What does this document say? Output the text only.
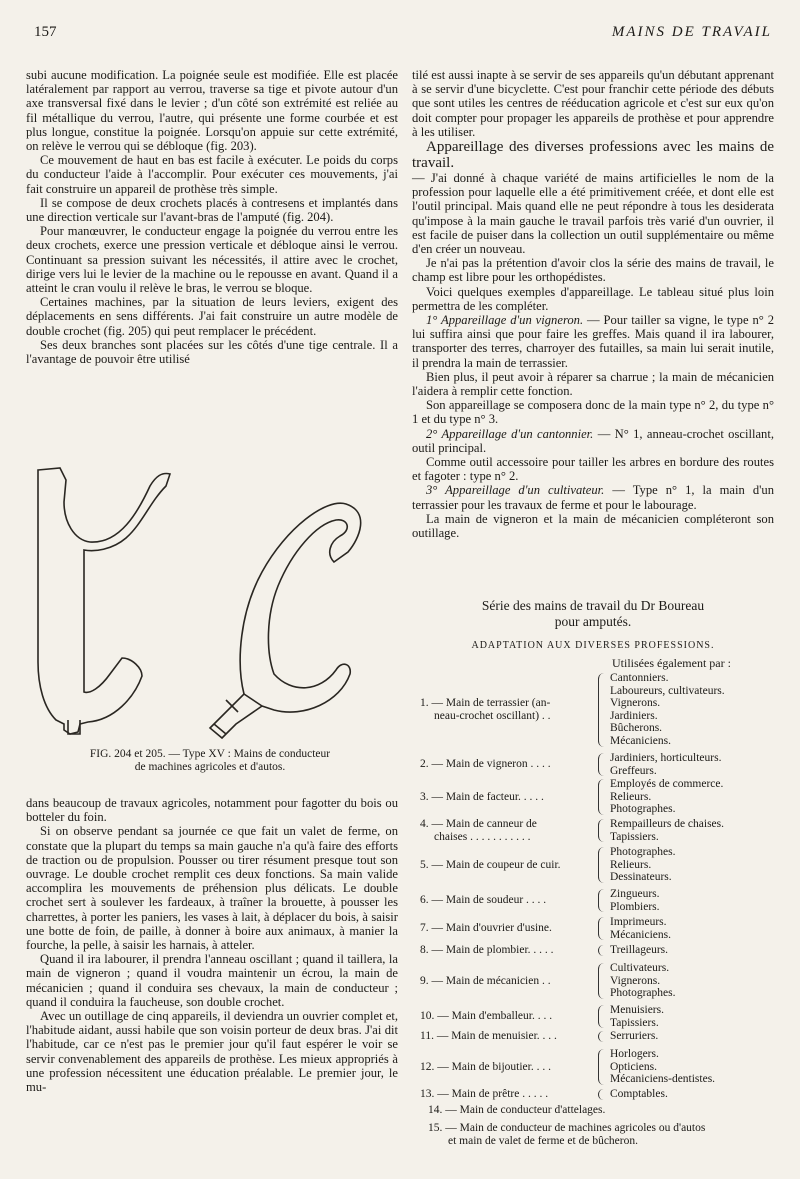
157	MAINS DE TRAVAIL

subi aucune modification. La poignée seule est modifiée. Elle est placée latéralement par rapport au verrou, traverse sa tige et pivote autour d'un axe transversal fixé dans le levier ; d'un côté son extrémité est reliée au fil métallique du verrou, l'autre, qui présente une forme courbée et est plus longue, constitue la poignée. Lorsqu'on appuie sur cette extrémité, on relève le verrou qui se débloque (fig. 203).

Ce mouvement de haut en bas est facile à exécuter. Le poids du corps du conducteur l'aide à l'accomplir. Pour exécuter ces mouvements, j'ai fait construire un appareil de prothèse très simple.

Il se compose de deux crochets placés à contresens et implantés dans une direction verticale sur l'avant-bras de l'amputé (fig. 204).

Pour manœuvrer, le conducteur engage la poignée du verrou entre les deux crochets, exerce une pression verticale et débloque ainsi le verrou. Continuant sa pression suivant les nécessités, il attire avec le crochet, dirige vers lui le levier de la machine ou le repousse en avant. Quand il a atteint le cran voulu il relève le bras, le verrou se bloque.

Certaines machines, par la situation de leurs leviers, exigent des déplacements en sens différents. J'ai fait construire un autre modèle de double crochet (fig. 205) qui peut remplacer le précédent.

Ses deux branches sont placées sur les côtés d'une tige centrale. Il a l'avantage de pouvoir être utilisé

FIG. 204 et 205. — Type XV : Mains de conducteur
de machines agricoles et d'autos.

dans beaucoup de travaux agricoles, notamment pour fagotter du bois ou botteler du foin.

Si on observe pendant sa journée ce que fait un valet de ferme, on constate que la plupart du temps sa main gauche n'a qu'à faire des efforts de traction ou de propulsion. Pousser ou tirer résument presque tout son ouvrage. Le double crochet remplit ces deux fonctions. Sa main valide accomplira les mouvements de préhension plus délicats. Le double crochet sert à soulever les fardeaux, à traîner la brouette, à pousser les charrettes, à porter les paniers, les vases à lait, à déplacer du bois, à saisir une botte de foin, de paille, à donner à boire aux animaux, à manier la fourche, la pelle, à saisir les harnais, à atteler.

Quand il ira labourer, il prendra l'anneau oscillant ; quand il taillera, la main de vigneron ; quand il voudra maintenir un écrou, la main de mécanicien ; quand il conduira ses chevaux, la main de conducteur ; quand il conduira la faucheuse, son double crochet.

Avec un outillage de cinq appareils, il deviendra un ouvrier complet et, l'habitude aidant, aussi habile que son voisin porteur de deux bras. J'ai dit l'habitude, car ce n'est pas le premier jour qu'il faut espérer le voir se servir convenablement des appareils de prothèse. Les mieux appropriés à une profession nécessitent une éducation préalable. Le premier jour, le mu-

tilé est aussi inapte à se servir de ses appareils qu'un débutant apprenant à se servir d'une bicyclette. C'est pour franchir cette période des débuts que sont utiles les centres de rééducation agricole et c'est sur eux qu'on doit compter pour propager les appareils de prothèse et pour apprendre à les utiliser.

Appareillage des diverses professions avec les mains de travail.

— J'ai donné à chaque variété de mains artificielles le nom de la profession pour laquelle elle a été primitivement créée, et dont elle est l'outil principal. Mais quand elle ne peut répondre à tous les desiderata qu'impose à la main gauche le travail parfois très varié d'un ouvrier, il est facile de puiser dans la collection un outil supplémentaire ou même d'en créer un nouveau.

Je n'ai pas la prétention d'avoir clos la série des mains de travail, le champ est libre pour les orthopédistes.

Voici quelques exemples d'appareillage. Le tableau situé plus loin permettra de les compléter.

1° Appareillage d'un vigneron. — Pour tailler sa vigne, le type n° 2 lui suffira ainsi que pour faire les greffes. Mais quand il ira labourer, transporter des terres, charroyer des futailles, sa main lui serait inutile, il prendra la main de terrassier.

Bien plus, il peut avoir à réparer sa charrue ; la main de mécanicien l'aidera à remplir cette fonction.

Son appareillage se composera donc de la main type n° 2, du type n° 1 et du type n° 3.

2° Appareillage d'un cantonnier. — N° 1, anneau-crochet oscillant, outil principal.

Comme outil accessoire pour tailler les arbres en bordure des routes et fagoter : type n° 2.

3° Appareillage d'un cultivateur. — Type n° 1, la main d'un terrassier pour les travaux de ferme et pour le labourage.

La main de vigneron et la main de mécanicien compléteront son outillage.

Série des mains de travail du Dr Boureau
pour amputés.
ADAPTATION AUX DIVERSES PROFESSIONS.
Utilisées également par :
1. — Main de terrassier (an-
neau-crochet oscillant) . .
Cantonniers.
Laboureurs, cultivateurs.
Vignerons.
Jardiniers.
Bûcherons.
Mécaniciens.
2. — Main de vigneron . . . .
Jardiniers, horticulteurs.
Greffeurs.
3. — Main de facteur. . . . .
Employés de commerce.
Relieurs.
Photographes.
4. — Main de canneur de
chaises . . . . . . . . . . .
Rempailleurs de chaises.
Tapissiers.
5. — Main de coupeur de cuir.
Photographes.
Relieurs.
Dessinateurs.
6. — Main de soudeur . . . .
Zingueurs.
Plombiers.
7. — Main d'ouvrier d'usine.
Imprimeurs.
Mécaniciens.
8. — Main de plombier. . . . .	Treillageurs.
9. — Main de mécanicien . .
Cultivateurs.
Vignerons.
Photographes.
10. — Main d'emballeur. . . .
Menuisiers.
Tapissiers.
11. — Main de menuisier. . . .	Serruriers.
12. — Main de bijoutier. . . .
Horlogers.
Opticiens.
Mécaniciens-dentistes.
13. — Main de prêtre . . . . .	Comptables.
14. — Main de conducteur d'attelages.
15. — Main de conducteur de machines agricoles ou d'autos
et main de valet de ferme et de bûcheron.
